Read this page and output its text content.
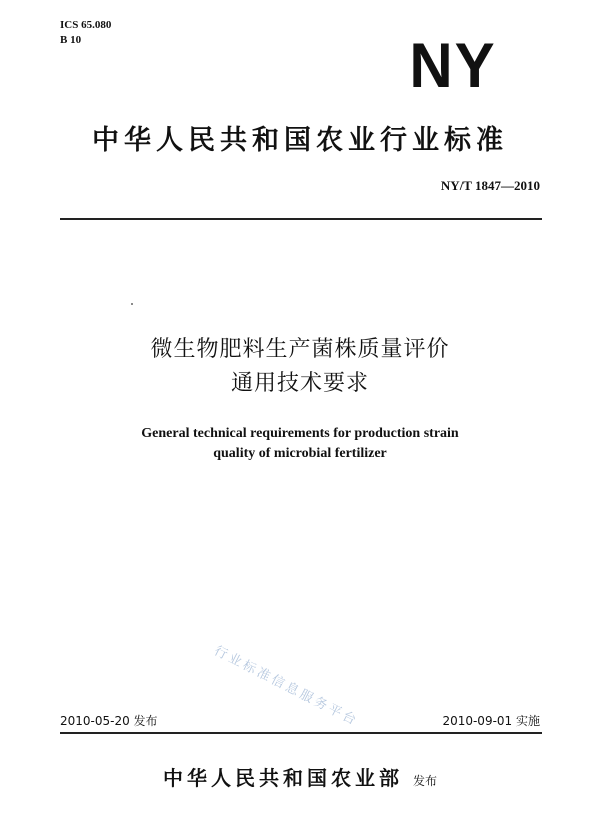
ICS 65.080
B 10	NY
中华人民共和国农业行业标准
NY/T 1847—2010
微生物肥料生产菌株质量评价
通用技术要求
General technical requirements for production strain
quality of microbial fertilizer
行业标准信息服务平台
2010-05-20 发布	2010-09-01 实施
中华人民共和国农业部 发布
